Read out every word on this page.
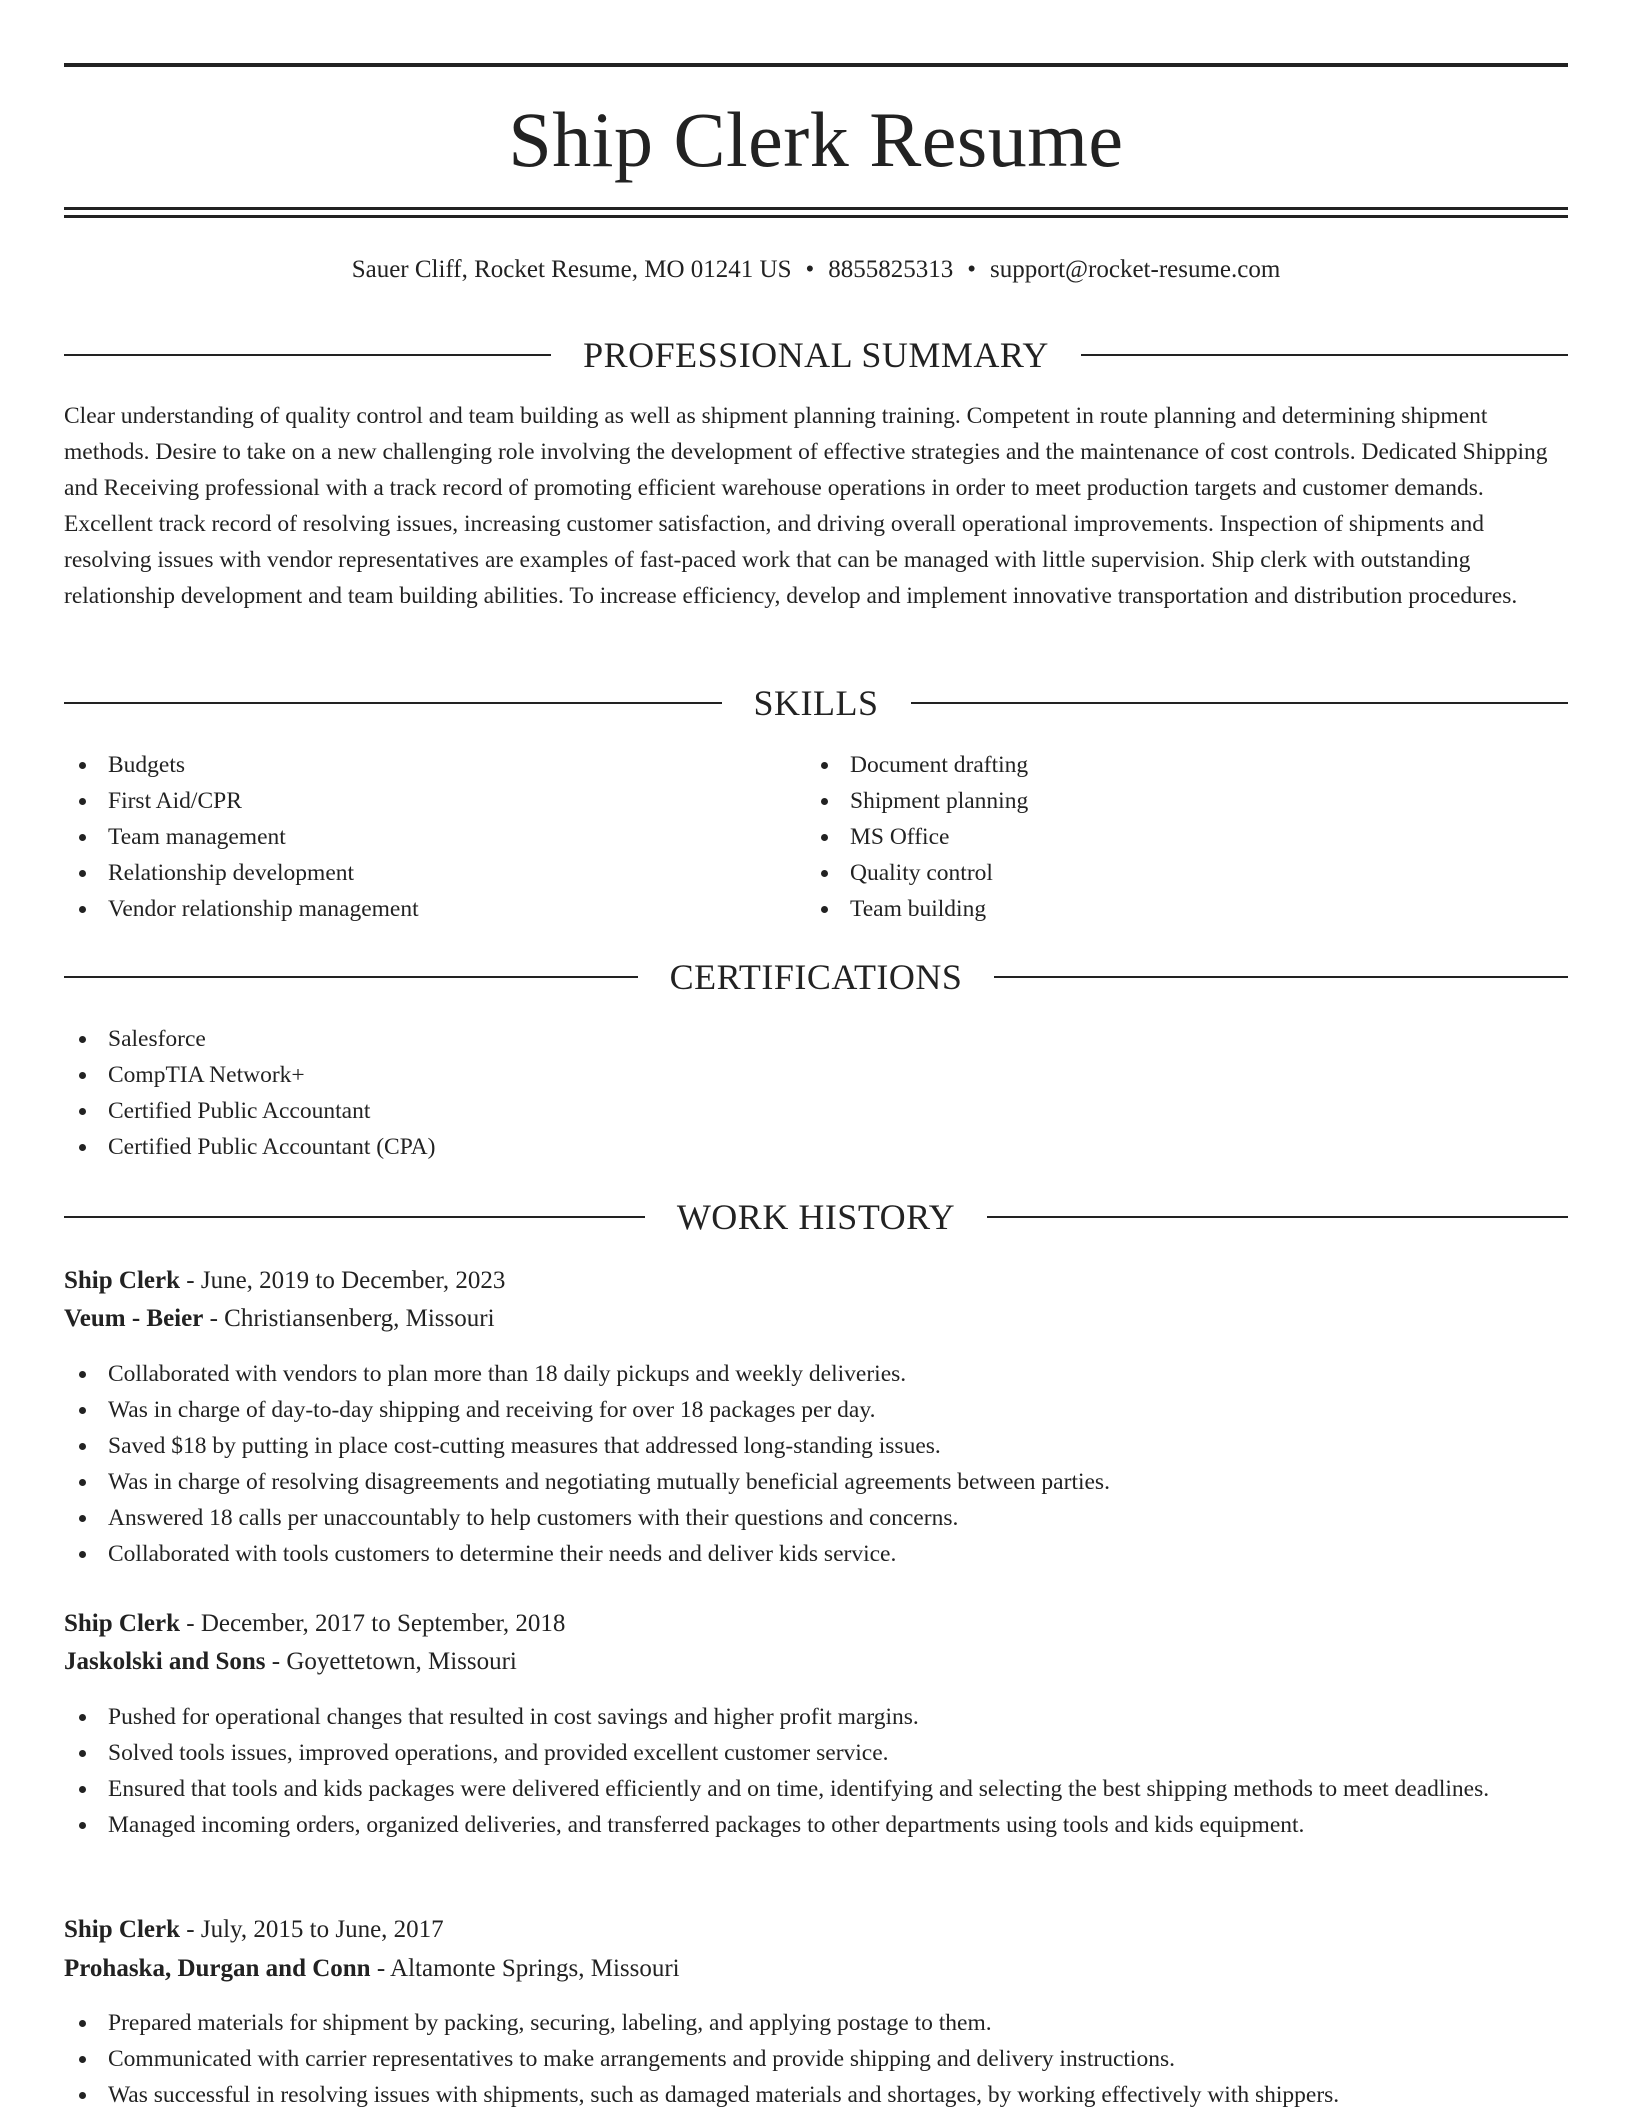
Ship Clerk Resume
Sauer Cliff, Rocket Resume, MO 01241 US • 8855825313 • support@rocket-resume.com
PROFESSIONAL SUMMARY

Clear understanding of quality control and team building as well as shipment planning training. Competent in route planning and determining shipment methods. Desire to take on a new challenging role involving the development of effective strategies and the maintenance of cost controls. Dedicated Shipping and Receiving professional with a track record of promoting efficient warehouse operations in order to meet production targets and customer demands. Excellent track record of resolving issues, increasing customer satisfaction, and driving overall operational improvements. Inspection of shipments and resolving issues with vendor representatives are examples of fast-paced work that can be managed with little supervision. Ship clerk with outstanding relationship development and team building abilities. To increase efficiency, develop and implement innovative transportation and distribution procedures.

SKILLS
Budgets
First Aid/CPR
Team management
Relationship development
Vendor relationship management
Document drafting
Shipment planning
MS Office
Quality control
Team building
CERTIFICATIONS
Salesforce
CompTIA Network+
Certified Public Accountant
Certified Public Accountant (CPA)
WORK HISTORY
Ship Clerk - June, 2019 to December, 2023
Veum - Beier - Christiansenberg, Missouri
Collaborated with vendors to plan more than 18 daily pickups and weekly deliveries.
Was in charge of day-to-day shipping and receiving for over 18 packages per day.
Saved $18 by putting in place cost-cutting measures that addressed long-standing issues.
Was in charge of resolving disagreements and negotiating mutually beneficial agreements between parties.
Answered 18 calls per unaccountably to help customers with their questions and concerns.
Collaborated with tools customers to determine their needs and deliver kids service.
Ship Clerk - December, 2017 to September, 2018
Jaskolski and Sons - Goyettetown, Missouri
Pushed for operational changes that resulted in cost savings and higher profit margins.
Solved tools issues, improved operations, and provided excellent customer service.
Ensured that tools and kids packages were delivered efficiently and on time, identifying and selecting the best shipping methods to meet deadlines.
Managed incoming orders, organized deliveries, and transferred packages to other departments using tools and kids equipment.
Ship Clerk - July, 2015 to June, 2017
Prohaska, Durgan and Conn - Altamonte Springs, Missouri
Prepared materials for shipment by packing, securing, labeling, and applying postage to them.
Communicated with carrier representatives to make arrangements and provide shipping and delivery instructions.
Was successful in resolving issues with shipments, such as damaged materials and shortages, by working effectively with shippers.
